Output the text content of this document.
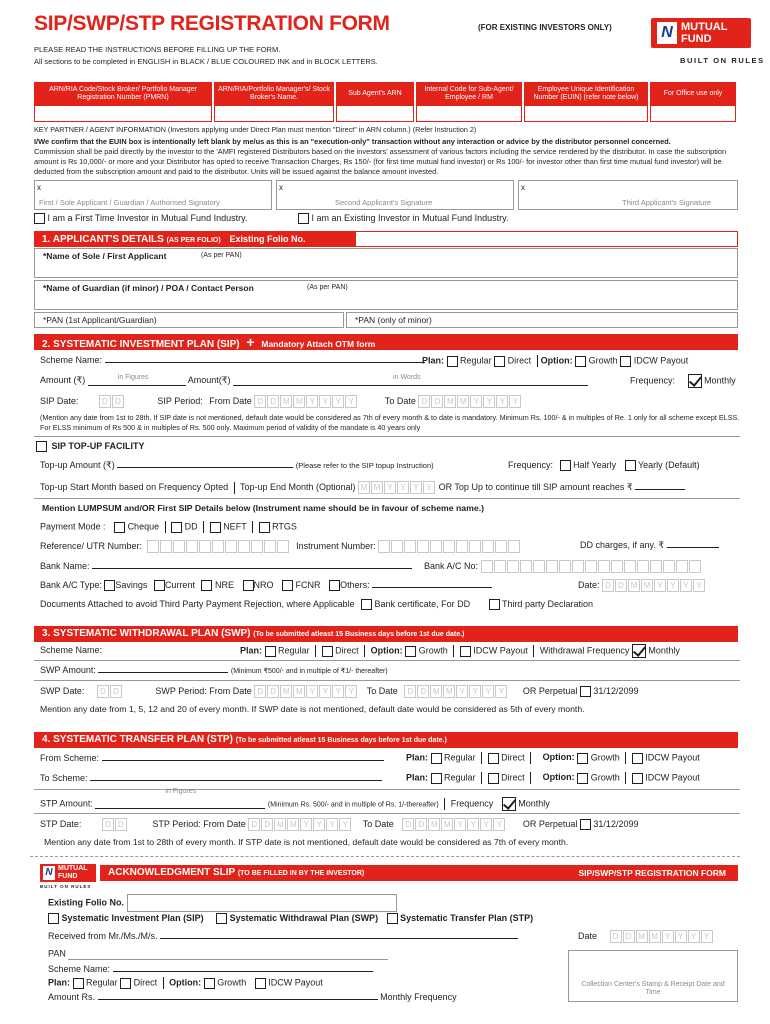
SIP/SWP/STP REGISTRATION FORM	(FOR EXISTING INVESTORS ONLY)
PLEASE READ THE INSTRUCTIONS BEFORE FILLING UP THE FORM.
All sections to be completed in ENGLISH in BLACK / BLUE COLOURED INK and in BLOCK LETTERS.
N MUTUAL
FUND
BUILT ON RULES
ARN/RIA Code/Stock Broker/ Portfolio Manager Registration Number (PMRN)
ARN/RIA/Portfolio Manager's/ Stock Broker's Name.
Sub Agent's ARN
Internal Code for Sub-Agent/ Employee / RM
Employee Unique Identification Number (EUIN) (refer note below)
For Office use only
KEY PARTNER / AGENT INFORMATION (Investors applying under Direct Plan must mention "Direct" in ARN column.) (Refer Instruction 2)
I/We confirm that the EUIN box is intentionally left blank by me/us as this is an "execution-only" transaction without any interaction or advice by the distributor personnel concerned.
Commission shall be paid directly by the investor to the 'AMFI registered Distributors based on the investors' assessment of various factors including the service rendered by the distributor. In case the subscription amount is Rs 10,000/- or more and your Distributor has opted to receive Transaction Charges, Rs 150/- (for first time mutual fund investor) or Rs 100/- for investor other than first time mutual fund investor) will be deducted from the subscription amount and paid to the distributor. Units will be issued against the balance amount invested.
x
First / Sole Applicant / Guardian / Authorised Signatory
x
Second Applicant's Signature
x
Third Applicant's Signature
I am a First Time Investor in Mutual Fund Industry.	I am an Existing Investor in Mutual Fund Industry.
1. APPLICANT'S DETAILS (AS PER FOLIO) Existing Folio No.
*Name of Sole / First Applicant	(As per PAN)
*Name of Guardian (if minor) / POA / Contact Person	(As per PAN)
*PAN (1st Applicant/Guardian)	*PAN (only of minor)
2. SYSTEMATIC INVESTMENT PLAN (SIP) + Mandatory Attach OTM form
Scheme Name:	Plan: Regular Direct Option: Growth IDCW Payout
Amount (₹)	in Figures	Amount(₹)	in Words
	Frequency:	Monthly
SIP Date:	D D	SIP Period: From Date D D M M Y Y Y Y	To Date D D M M Y Y Y Y
(Mention any date from 1st to 28th, If SIP date is not mentioned, default date would be considered as 7th of every month & to date is mandatory. Minimum Rs. 100/- & in multiples of Re. 1 only for all scheme except ELSS. For ELSS minimum of Rs 500 & in multiples of Rs. 500 only. Maximum period of validity of the mandate is 40 years only
SIP TOP-UP FACILITY
Top-up Amount (₹)	(Please refer to the SIP topup Instruction)	Frequency: Half Yearly Yearly (Default)
Top-up Start Month based on Frequency Opted Top-up End Month (Optional) M M Y Y Y Y OR Top Up to continue till SIP amount reaches ₹
Mention LUMPSUM and/OR First SIP Details below (Instrument name should be in favour of scheme name.)
Payment Mode : Cheque	DD	NEFT	RTGS
Reference/ UTR Number:	Instrument Number:	DD charges, if any. ₹
Bank Name:	Bank A/C No:
Bank A/C Type: Savings Current NRE NRO FCNR Others:	Date: D D M M Y Y Y Y
Documents Attached to avoid Third Party Payment Rejection, where Applicable Bank certificate, For DD	Third party Declaration
3. SYSTEMATIC WITHDRAWAL PLAN (SWP) (To be submitted atleast 15 Business days before 1st due date.)
Scheme Name:	Plan: Regular	Direct Option: Growth	IDCW Payout Withdrawal Frequency Monthly
SWP Amount:	(Minimum ₹500/- and in multiple of ₹1/- thereafter)
SWP Date:	D D	SWP Period: From Date D D M M Y Y Y Y	To Date	D D M M Y Y Y Y	OR Perpetual 31/12/2099
Mention any date from 1, 5, 12 and 20 of every month. If SWP date is not mentioned, default date would be considered as 5th of every month.
4. SYSTEMATIC TRANSFER PLAN (STP) (To be submitted atleast 15 Business days before 1st due date.)
From Scheme:	Plan: Regular	Direct Option: Growth	IDCW Payout
To Scheme:	Plan: Regular	Direct Option: Growth	IDCW Payout
STP Amount:
in Figures
(Minimum Rs. 500/- and in multiple of Rs. 1/-thereafter) Frequency	Monthly
STP Date:	D D	STP Period: From Date D D M M Y Y Y Y	To Date	D D M M Y Y Y Y	OR Perpetual 31/12/2099
Mention any date from 1st to 28th of every month. If STP date is not mentioned, default date would be considered as 7th of every month.
N MUTUAL
FUND
BUILT ON RULES
ACKNOWLEDGMENT SLIP (TO BE FILLED IN BY THE INVESTOR)	SIP/SWP/STP REGISTRATION FORM
Existing Folio No.
Systematic Investment Plan (SIP)	Systematic Withdrawal Plan (SWP) Systematic Transfer Plan (STP)
Received from Mr./Ms./M/s.	Date	D D M M Y Y Y Y
PAN
Scheme Name:
Plan: Regular Direct Option: Growth IDCW Payout
Amount Rs.	Monthly Frequency
Collection Center's Stamp & Receipt Date and Time
